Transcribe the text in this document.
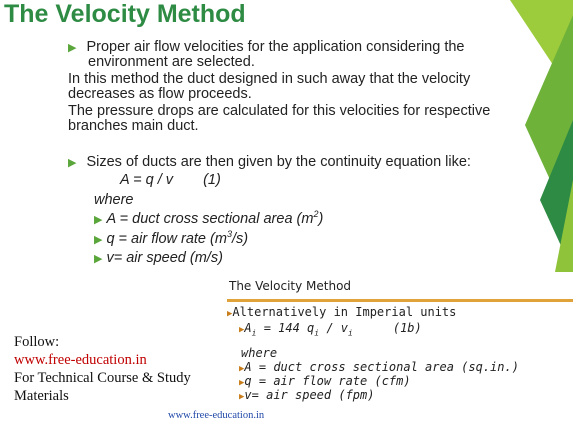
The Velocity Method
▶ Proper air flow velocities for the application considering the
environment are selected.
In this method the duct designed in such away that the velocity
decreases as flow proceeds.
The pressure drops are calculated for this velocities for respective
branches main duct.
▶ Sizes of ducts are then given by the continuity equation like:
A = q / v (1)
where
▶ A = duct cross sectional area $(m^2)$
▶ q = air flow rate $(m^3/s)$
▶ v= air speed (m/s)
Follow:
www.free-education.in
For Technical Course & Study
Materials
The Velocity Method
▶Alternatively in Imperial units
$▶A_i = 144$ $q_i / v_i$	(1b)
where
▶A = duct cross sectional area (sq.in.)
▶q = air flow rate (cfm)
▶v= air speed (fpm)
www.free-education.in
